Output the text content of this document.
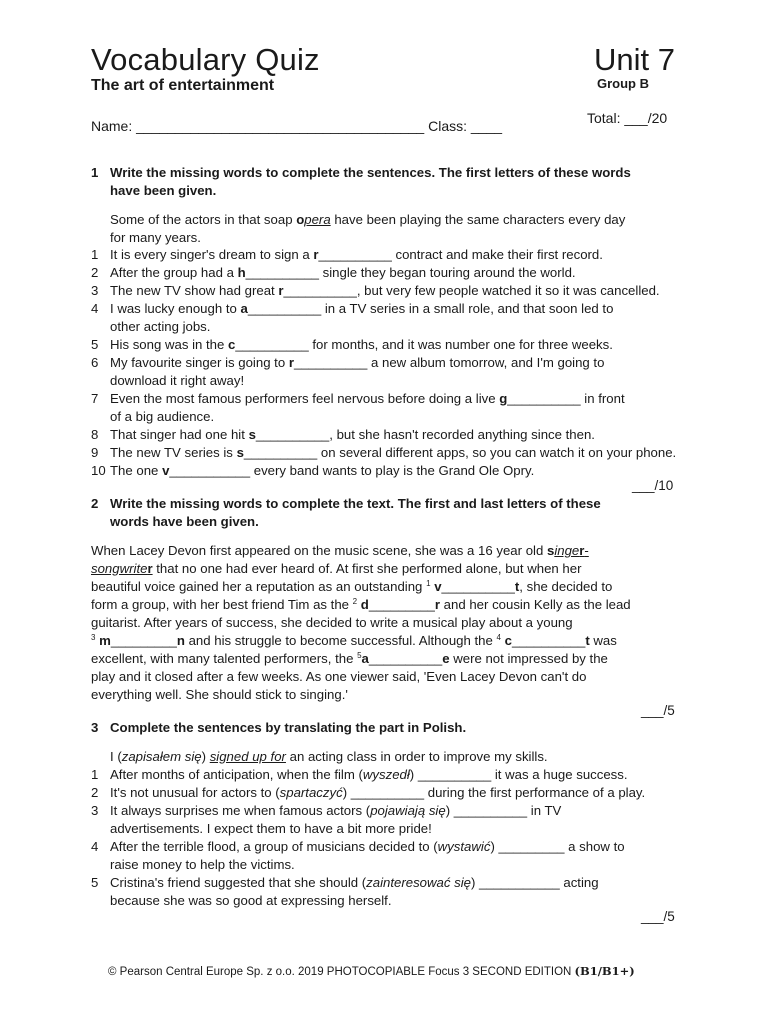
Vocabulary Quiz	Unit 7
The art of entertainment	Group B
Total: ___/20
Name: _____________________________________ Class: ____
1 Write the missing words to complete the sentences. The first letters of these words
have been given.
Some of the actors in that soap opera have been playing the same characters every day
for many years.
1 It is every singer's dream to sign a r__________ contract and make their first record.
2 After the group had a h__________ single they began touring around the world.
3 The new TV show had great r__________, but very few people watched it so it was cancelled.
4 I was lucky enough to a__________ in a TV series in a small role, and that soon led to
other acting jobs.
5 His song was in the c__________ for months, and it was number one for three weeks.
6 My favourite singer is going to r__________ a new album tomorrow, and I'm going to
download it right away!
7 Even the most famous performers feel nervous before doing a live g__________ in front
of a big audience.
8 That singer had one hit s__________, but she hasn't recorded anything since then.
9 The new TV series is s__________ on several different apps, so you can watch it on your phone.
10 The one v___________ every band wants to play is the Grand Ole Opry.
___/10
2 Write the missing words to complete the text. The first and last letters of these
words have been given.
When Lacey Devon first appeared on the music scene, she was a 16 year old singer-
songwriter that no one had ever heard of. At first she performed alone, but when her
beautiful voice gained her a reputation as an outstanding $^1$ v__________t, she decided to
form a group, with her best friend Tim as the $^2$ d_________r and her cousin Kelly as the lead
guitarist. After years of success, she decided to write a musical play about a young
$^3$ m_________n and his struggle to become successful. Although the $^4$ c__________t was
excellent, with many talented performers, the $^5$a__________e were not impressed by the
play and it closed after a few weeks. As one viewer said, 'Even Lacey Devon can't do
everything well. She should stick to singing.'
___/5
3 Complete the sentences by translating the part in Polish.
I (zapisałem się) signed up for an acting class in order to improve my skills.
1 After months of anticipation, when the film (wyszedł) __________ it was a huge success.
2 It's not unusual for actors to (spartaczyć) __________ during the first performance of a play.
3 It always surprises me when famous actors (pojawiają się) __________ in TV
advertisements. I expect them to have a bit more pride!
4 After the terrible flood, a group of musicians decided to (wystawić) _________ a show to
raise money to help the victims.
5 Cristina's friend suggested that she should (zainteresować się) ___________ acting
because she was so good at expressing herself.
___/5
© Pearson Central Europe Sp. z o.o. 2019 PHOTOCOPIABLE Focus 3 SECOND EDITION (B1/B1+)
